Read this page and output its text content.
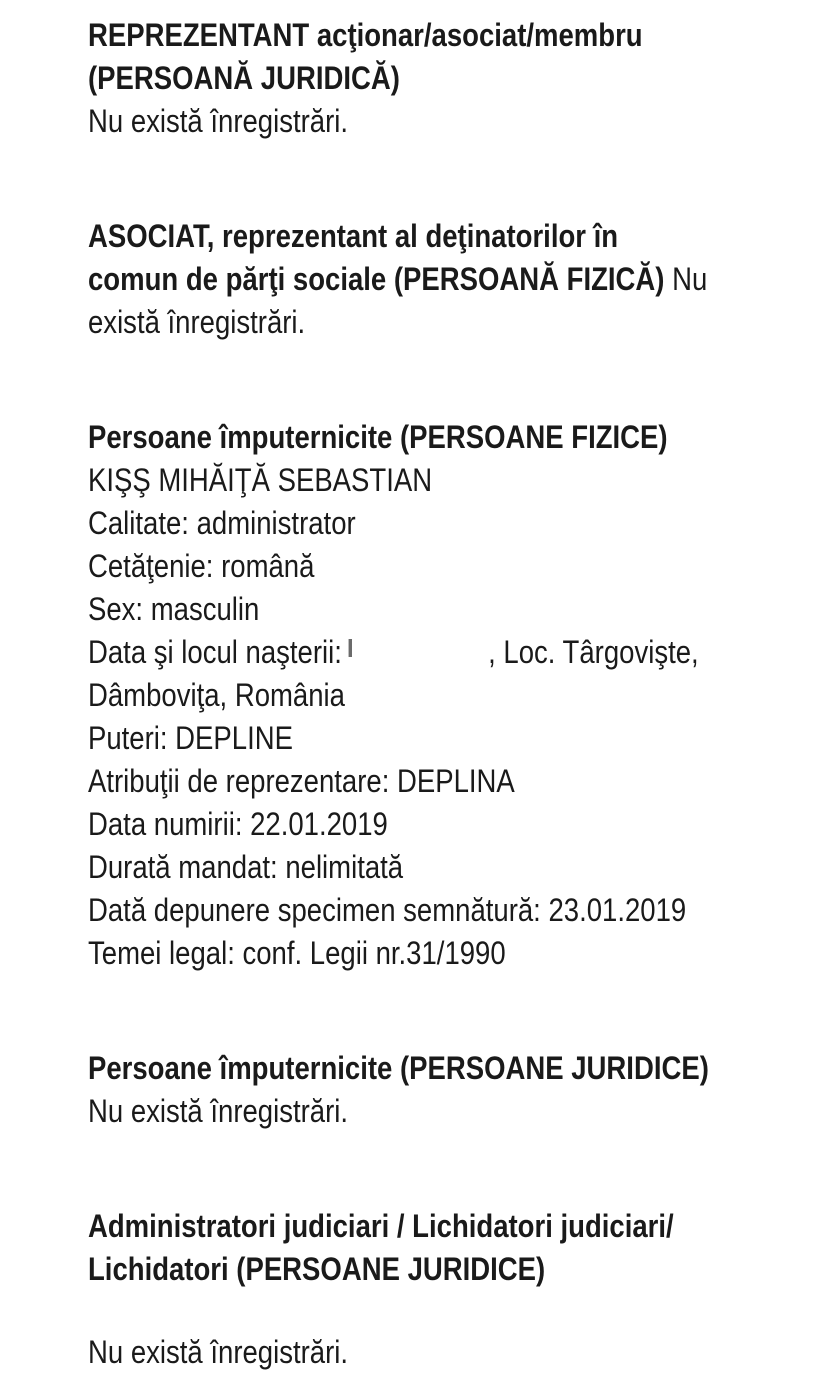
REPREZENTANT acţionar/asociat/membru
(PERSOANĂ JURIDICĂ)
Nu există înregistrări.
ASOCIAT, reprezentant al deţinatorilor în
comun de părţi sociale (PERSOANĂ FIZICĂ) Nu
există înregistrări.
Persoane împuternicite (PERSOANE FIZICE)
KIŞŞ MIHĂIŢĂ SEBASTIAN
Calitate: administrator
Cetăţenie: română
Sex: masculin
Data şi locul naşterii:	, Loc. Târgovişte,
Dâmboviţa, România
Puteri: DEPLINE
Atribuţii de reprezentare: DEPLINA
Data numirii: 22.01.2019
Durată mandat: nelimitată
Dată depunere specimen semnătură: 23.01.2019
Temei legal: conf. Legii nr.31/1990
Persoane împuternicite (PERSOANE JURIDICE)
Nu există înregistrări.
Administratori judiciari / Lichidatori judiciari/
Lichidatori (PERSOANE JURIDICE)
Nu există înregistrări.
